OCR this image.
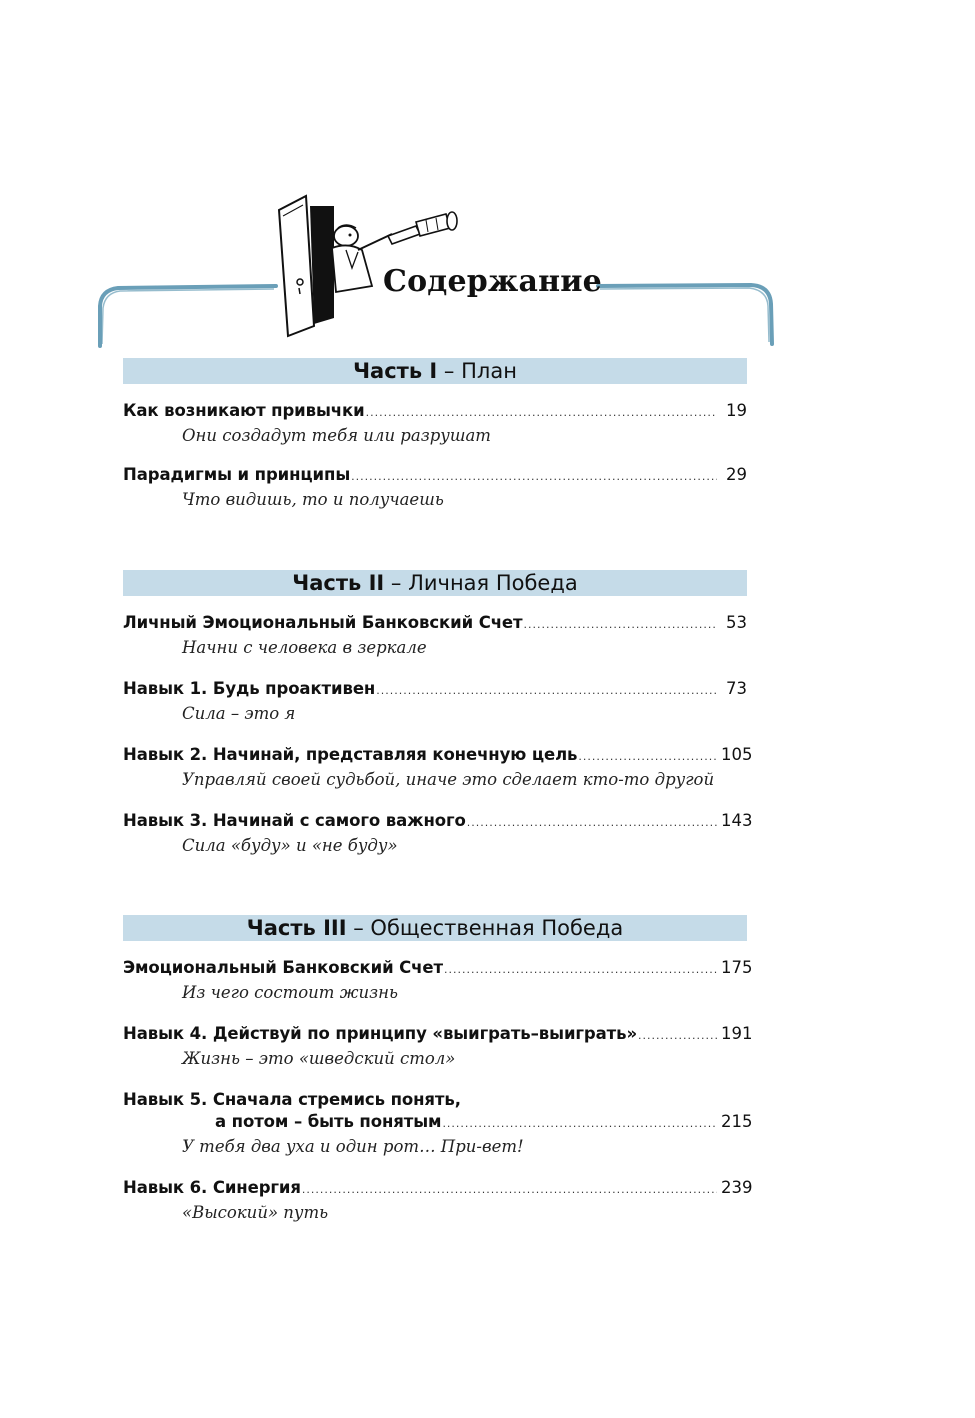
Содержание
Часть I – План
Как возникают привычки .....	19
Они создадут тебя или разрушат
Парадигмы и принципы .....	29
Что видишь, то и получаешь
Часть II – Личная Победа
Личный Эмоциональный Банковский Счет .....	53
Начни с человека в зеркале
Навык 1. Будь проактивен .....	73
Сила – это я
Навык 2. Начинай, представляя конечную цель .....	105
Управляй своей судьбой, иначе это сделает кто-то другой
Навык 3. Начинай с самого важного .....	143
Сила «буду» и «не буду»
Часть III – Общественная Победа
Эмоциональный Банковский Счет .....	175
Из чего состоит жизнь
Навык 4. Действуй по принципу «выиграть–выиграть» .....	191
Жизнь – это «шведский стол»
Навык 5. Сначала стремись понять,
а потом – быть понятым .....	215
У тебя два уха и один рот… При-вет!
Навык 6. Синергия .....	239
«Высокий» путь
